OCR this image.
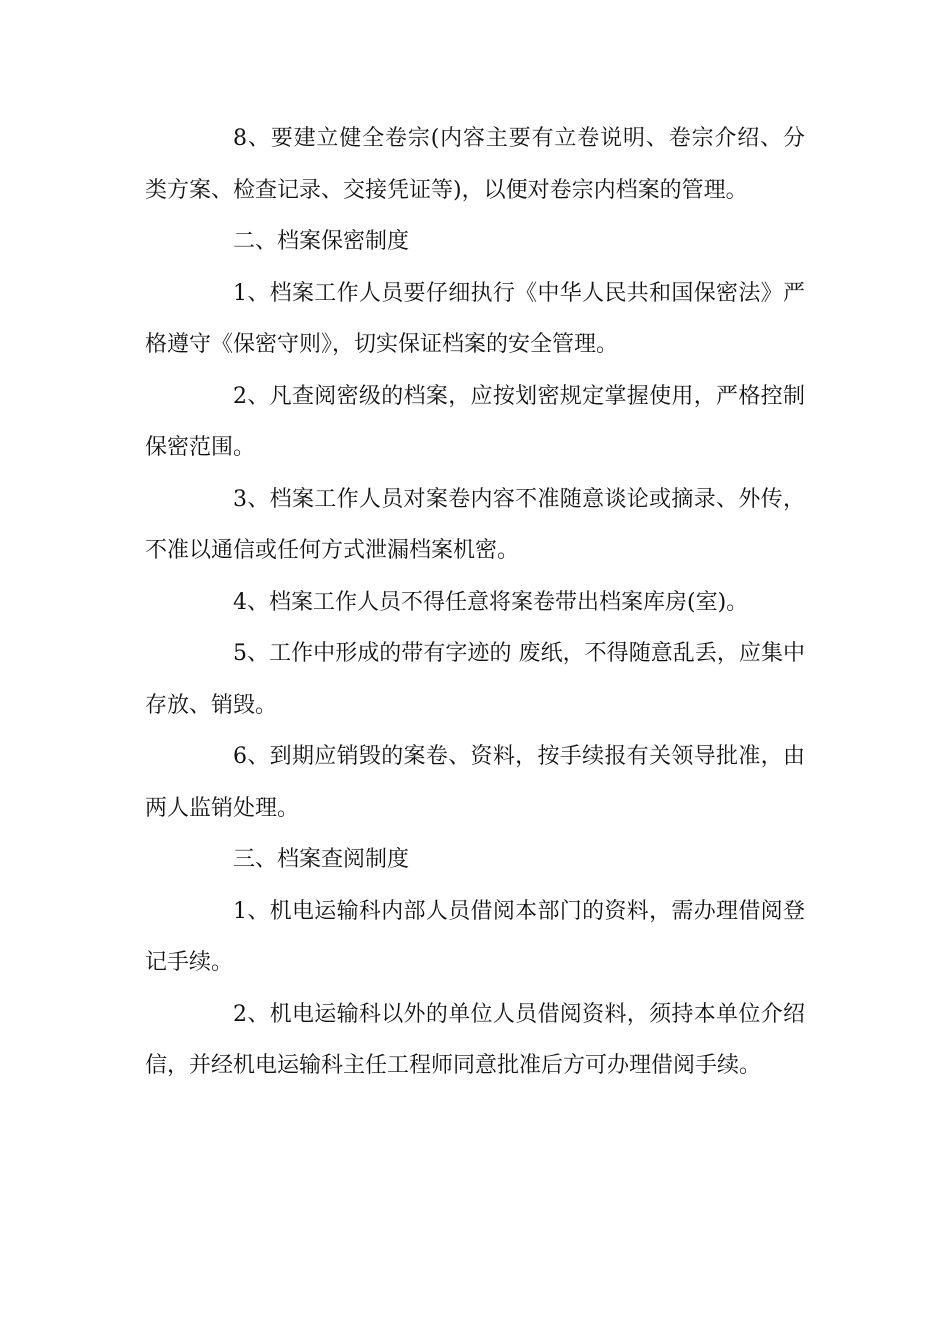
8、要建立健全卷宗(内容主要有立卷说明、卷宗介绍、分类方案、检查记录、交接凭证等)，以便对卷宗内档案的管理。

二、档案保密制度

1、档案工作人员要仔细执行《中华人民共和国保密法》严格遵守《保密守则》，切实保证档案的安全管理。

2、凡查阅密级的档案，应按划密规定掌握使用，严格控制保密范围。

3、档案工作人员对案卷内容不准随意谈论或摘录、外传，不准以通信或任何方式泄漏档案机密。

4、档案工作人员不得任意将案卷带出档案库房(室)。

5、工作中形成的带有字迹的 废纸，不得随意乱丢，应集中存放、销毁。

6、到期应销毁的案卷、资料，按手续报有关领导批准，由两人监销处理。

三、档案查阅制度

1、机电运输科内部人员借阅本部门的资料，需办理借阅登记手续。

2、机电运输科以外的单位人员借阅资料，须持本单位介绍信，并经机电运输科主任工程师同意批准后方可办理借阅手续。
